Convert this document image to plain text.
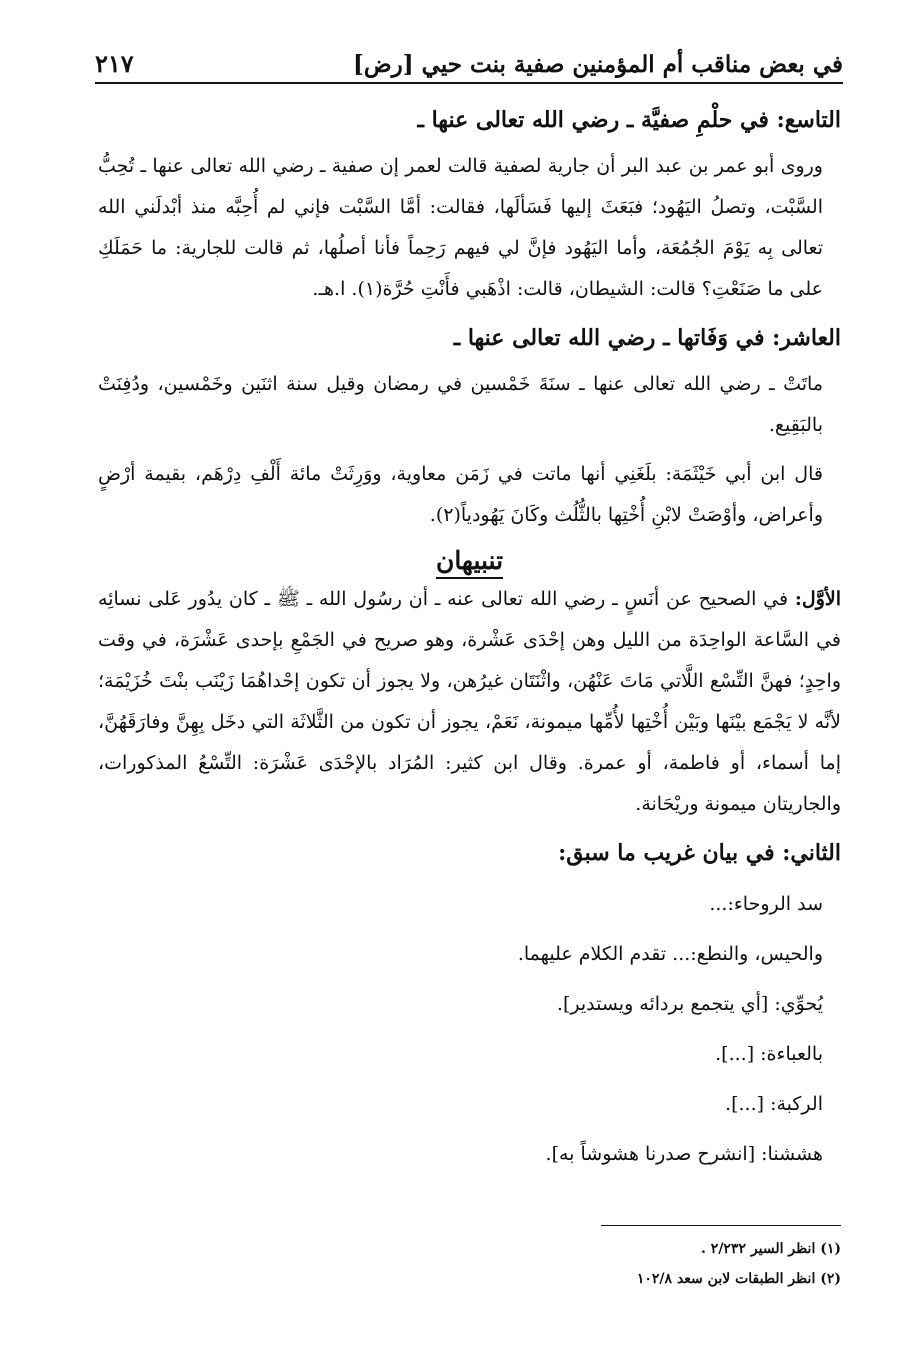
في بعض مناقب أم المؤمنين صفية بنت حيي [رض]
٢١٧
التاسع: في حلْمِ صفيَّة ـ رضي الله تعالى عنها ـ

وروى أبو عمر بن عبد البر أن جارية لصفية قالت لعمر إن صفية ـ رضي الله تعالى عنها ـ تُحِبُّ السَّبْت، وتصلُ اليَهُود؛ فبَعَثَ إليها فَسَألَها، فقالت: أمَّا السَّبْت فإني لم أُحِبَّه منذ أبْدلَني الله تعالى بِه يَوْمَ الجُمُعَة، وأما اليَهُود فإنَّ لي فيهم رَحِماً فأنا أصلُها، ثم قالت للجارية: ما حَمَلَكِ على ما صَنَعْتِ؟ قالت: الشيطان، قالت: اذْهَبي فأَنْتِ حُرَّة(١). ا.هـ.

العاشر: في وَفَاتها ـ رضي الله تعالى عنها ـ

ماتَتْ ـ رضي الله تعالى عنها ـ سنَةَ خَمْسين في رمضان وقيل سنة اثنَين وخَمْسين، ودُفِنَتْ بالبَقِيع.

قال ابن أبي خَيْثَمَة: بلَغَنِي أنها ماتت في زَمَن معاوية، ووَرِثَتْ مائة أَلْفِ دِرْهَم، بقيمة أرْضٍ وأعراض، وأوْصَتْ لابْنِ أُخْتِها بالثُّلُث وكَانَ يَهُودياً(٢).

تنبيهان

الأوَّل: في الصحيح عن أنَسٍ ـ رضي الله تعالى عنه ـ أن رسُول الله ـ ﷺ ـ كان يدُور عَلى نسائِه في السَّاعة الواحِدَة من الليل وهن إحْدَى عَشْرة، وهو صريح في الجَمْعِ بإحدى عَشْرَة، في وقت واحِدٍ؛ فهنَّ التِّسْع اللَّاتي مَاتَ عَنْهُن، واثْنَتَان غيرُهن، ولا يجوز أن تكون إحْداهُمَا زَيْنَب بنْتَ خُزَيْمَة؛ لأنَّه لا يَجْمَع بيْنَها وبَيْن أُخْتِها لأُمِّها ميمونة، نَعَمْ، يجوز أن تكون من الثَّلاثَة التي دخَل بِهِنَّ وفارَقَهُنَّ، إما أسماء، أو فاطمة، أو عمرة. وقال ابن كثير: المُرَاد بالإحْدَى عَشْرَة: التِّسْعُ المذكورات، والجاريتان ميمونة وريْحَانة.

الثاني: في بيان غريب ما سبق:
سد الروحاء:...
والحيس، والنطع:... تقدم الكلام عليهما.
يُحوِّي: [أي يتجمع بردائه ويستدير].
بالعباءة: [...].
الركبة: [...].
هششنا: [انشرح صدرنا هشوشاً به].
(١) انظر السير ٢/٢٣٢ .
(٢) انظر الطبقات لابن سعد ١٠٢/٨
